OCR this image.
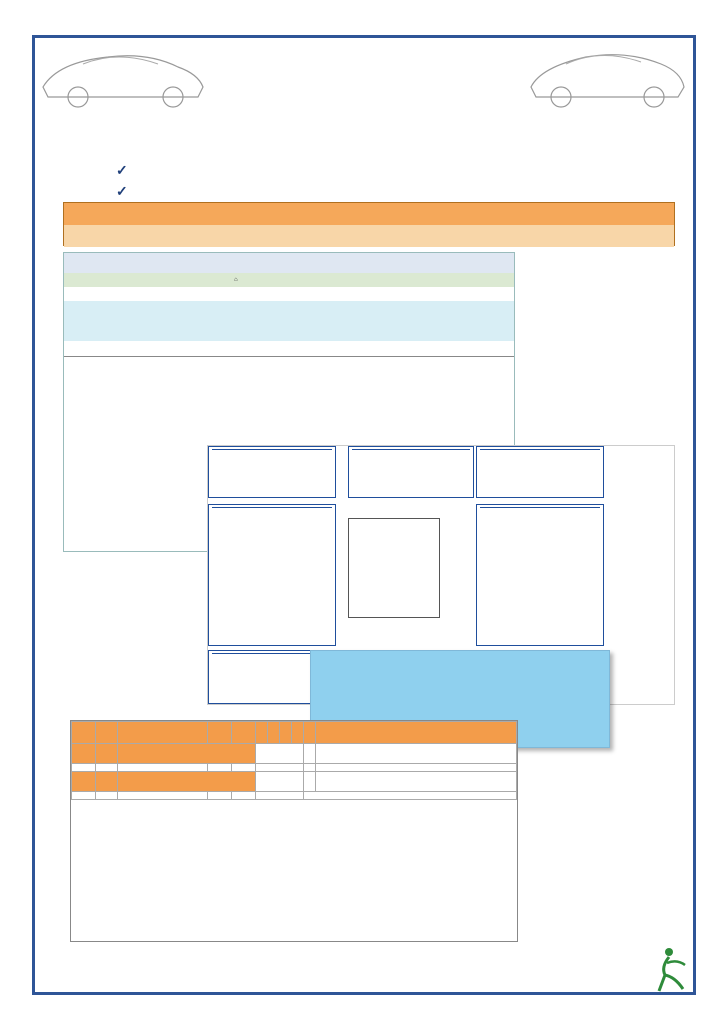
✓
✓
⌂
